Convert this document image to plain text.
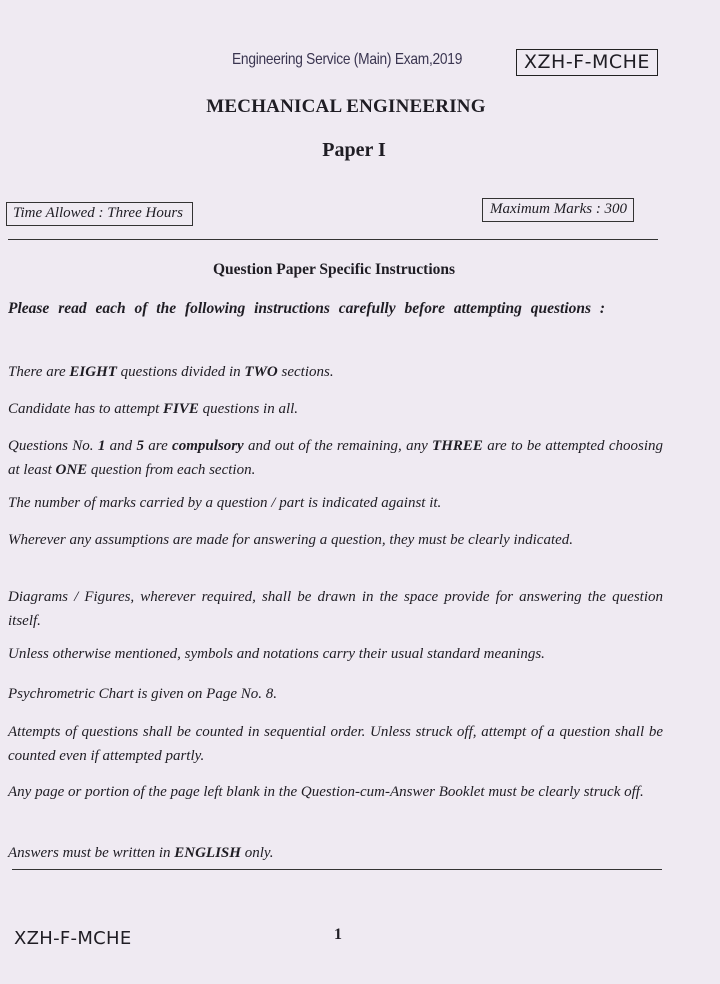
Engineering Service (Main) Exam,2019	XZH-F-MCHE
MECHANICAL ENGINEERING
Paper I
Time Allowed : Three Hours	Maximum Marks : 300
Question Paper Specific Instructions
Please read each of the following instructions carefully before attempting questions :
There are EIGHT questions divided in TWO sections.
Candidate has to attempt FIVE questions in all.
Questions No. 1 and 5 are compulsory and out of the remaining, any THREE are to be attempted choosing at least ONE question from each section.
The number of marks carried by a question / part is indicated against it.
Wherever any assumptions are made for answering a question, they must be clearly indicated.
Diagrams / Figures, wherever required, shall be drawn in the space provide for answering the question itself.
Unless otherwise mentioned, symbols and notations carry their usual standard meanings.
Psychrometric Chart is given on Page No. 8.
Attempts of questions shall be counted in sequential order. Unless struck off, attempt of a question shall be counted even if attempted partly.
Any page or portion of the page left blank in the Question-cum-Answer Booklet must be clearly struck off.
Answers must be written in ENGLISH only.
XZH-F-MCHE	1
